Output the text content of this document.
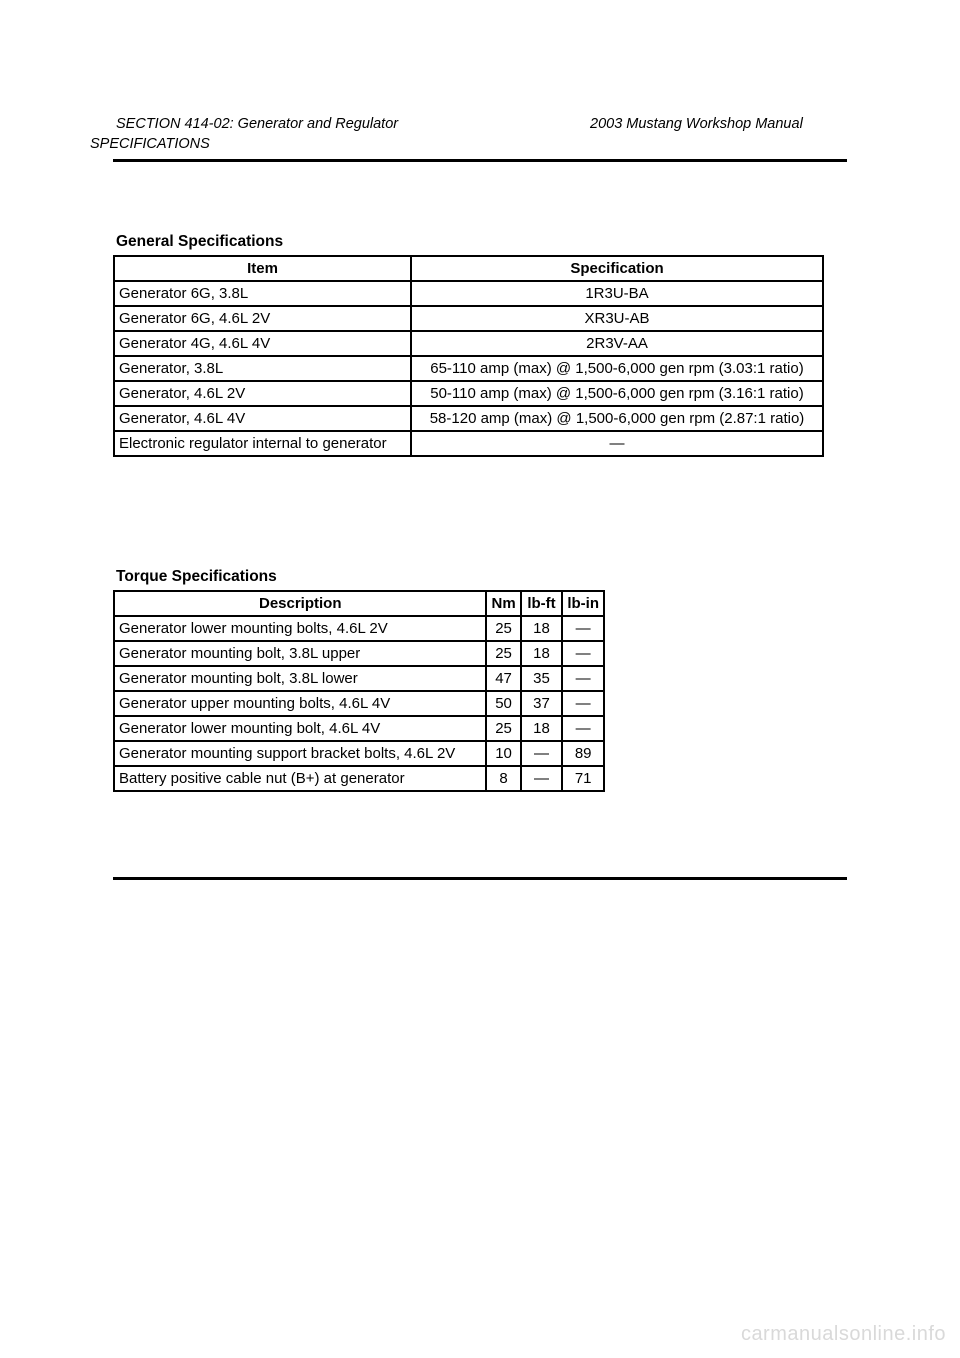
SECTION 414-02: Generator and Regulator	2003 Mustang Workshop Manual
SPECIFICATIONS
General Specifications
Item	Specification
Generator 6G, 3.8L	1R3U-BA
Generator 6G, 4.6L 2V	XR3U-AB
Generator 4G, 4.6L 4V	2R3V-AA
Generator, 3.8L	65-110 amp (max) @ 1,500-6,000 gen rpm (3.03:1 ratio)
Generator, 4.6L 2V	50-110 amp (max) @ 1,500-6,000 gen rpm (3.16:1 ratio)
Generator, 4.6L 4V	58-120 amp (max) @ 1,500-6,000 gen rpm (2.87:1 ratio)
Electronic regulator internal to generator	—
Torque Specifications
Description	Nm	lb-ft	lb-in
Generator lower mounting bolts, 4.6L 2V	25	18	—
Generator mounting bolt, 3.8L upper	25	18	—
Generator mounting bolt, 3.8L lower	47	35	—
Generator upper mounting bolts, 4.6L 4V	50	37	—
Generator lower mounting bolt, 4.6L 4V	25	18	—
Generator mounting support bracket bolts, 4.6L 2V	10	—	89
Battery positive cable nut (B+) at generator	8	—	71
carmanualsonline.info
